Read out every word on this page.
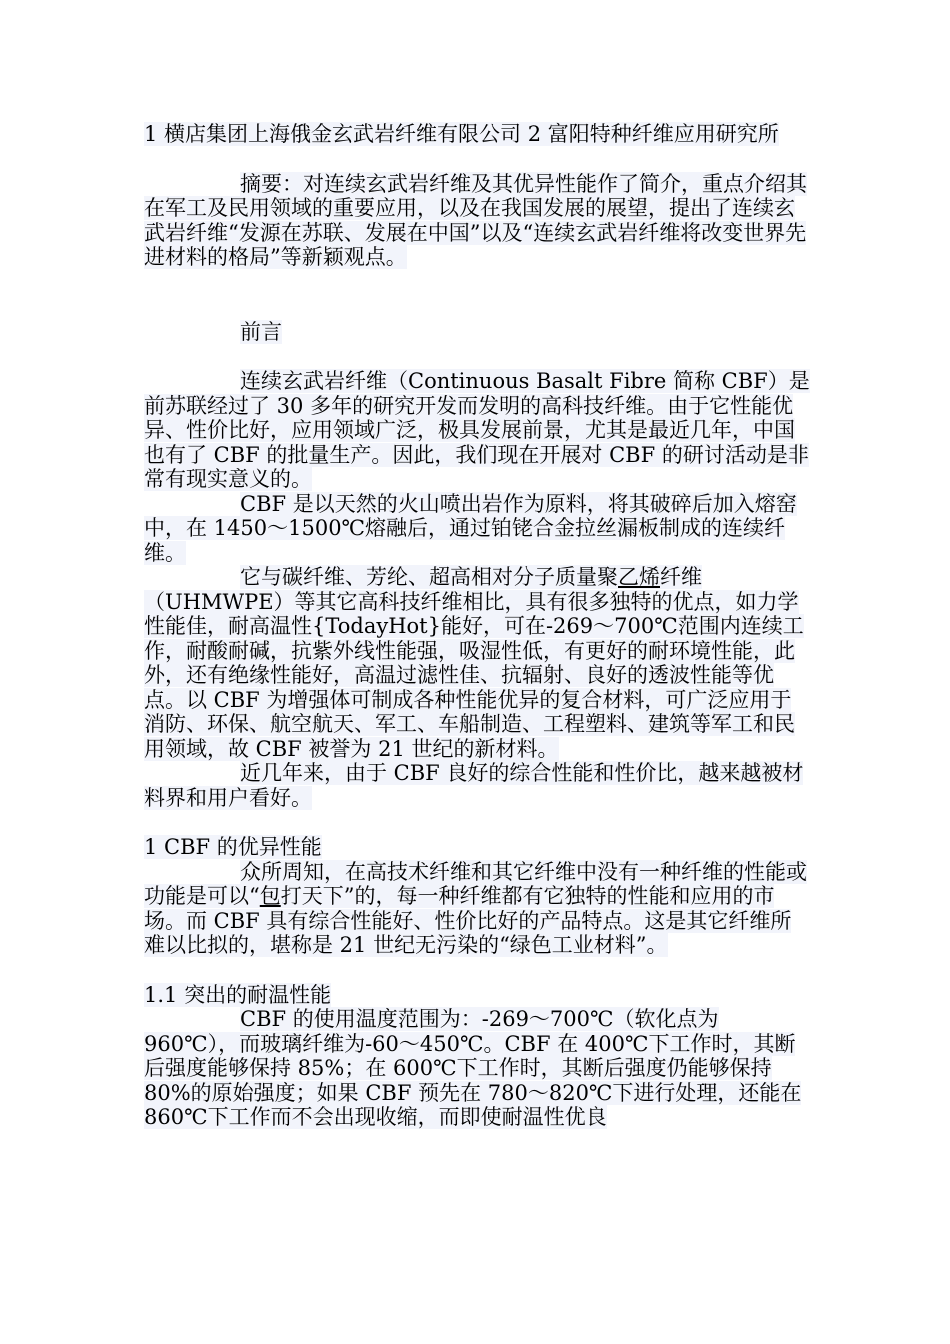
1 横店集团上海俄金玄武岩纤维有限公司 2 富阳特种纤维应用研究所

摘要：对连续玄武岩纤维及其优异性能作了简介，重点介绍其在军工及民用领域的重要应用，以及在我国发展的展望，提出了连续玄武岩纤维“发源在苏联、发展在中国”以及“连续玄武岩纤维将改变世界先进材料的格局”等新颖观点。

前言

连续玄武岩纤维（Continuous Basalt Fibre 简称 CBF）是前苏联经过了 30 多年的研究开发而发明的高科技纤维。由于它性能优异、性价比好，应用领域广泛，极具发展前景，尤其是最近几年，中国也有了 CBF 的批量生产。因此，我们现在开展对 CBF 的研讨活动是非常有现实意义的。

CBF 是以天然的火山喷出岩作为原料，将其破碎后加入熔窑中，在 1450～1500℃熔融后，通过铂铑合金拉丝漏板制成的连续纤维。

它与碳纤维、芳纶、超高相对分子质量聚乙烯纤维（UHMWPE）等其它高科技纤维相比，具有很多独特的优点，如力学性能佳，耐高温性{TodayHot}能好，可在-269～700℃范围内连续工作，耐酸耐碱，抗紫外线性能强，吸湿性低，有更好的耐环境性能，此外，还有绝缘性能好，高温过滤性佳、抗辐射、良好的透波性能等优点。以 CBF 为增强体可制成各种性能优异的复合材料，可广泛应用于消防、环保、航空航天、军工、车船制造、工程塑料、建筑等军工和民用领域，故 CBF 被誉为 21 世纪的新材料。

近几年来，由于 CBF 良好的综合性能和性价比，越来越被材料界和用户看好。

1 CBF 的优异性能

众所周知，在高技术纤维和其它纤维中没有一种纤维的性能或功能是可以“包打天下”的，每一种纤维都有它独特的性能和应用的市场。而 CBF 具有综合性能好、性价比好的产品特点。这是其它纤维所难以比拟的，堪称是 21 世纪无污染的“绿色工业材料”。

1.1 突出的耐温性能

CBF 的使用温度范围为：-269～700℃（软化点为 960℃），而玻璃纤维为-60～450℃。CBF 在 400℃下工作时，其断后强度能够保持 85%；在 600℃下工作时，其断后强度仍能够保持 80%的原始强度；如果 CBF 预先在 780～820℃下进行处理，还能在 860℃下工作而不会出现收缩，而即使耐温性优良
